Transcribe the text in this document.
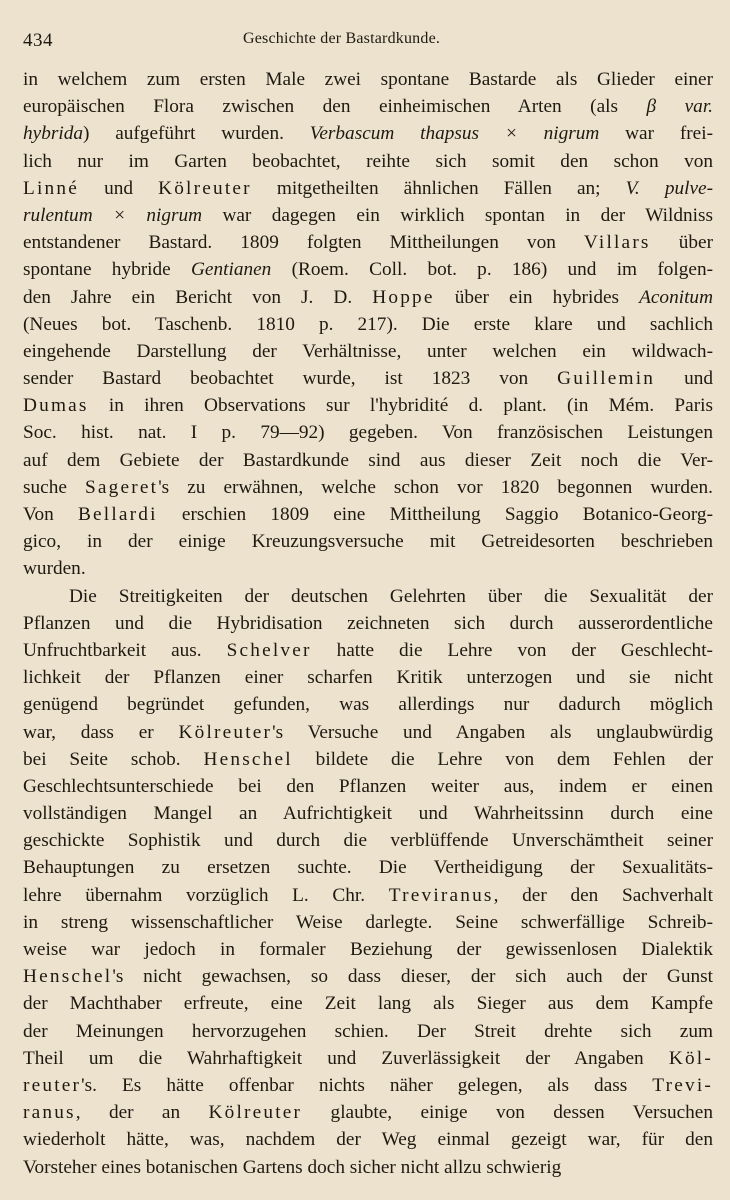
434	Geschichte der Bastardkunde.
in welchem zum ersten Male zwei spontane Bastarde als Glieder einer
europäischen Flora zwischen den einheimischen Arten (als β var.
hybrida) aufgeführt wurden. Verbascum thapsus × nigrum war frei-
lich nur im Garten beobachtet, reihte sich somit den schon von
Linné und Kölreuter mitgetheilten ähnlichen Fällen an; V. pulve-
rulentum × nigrum war dagegen ein wirklich spontan in der Wildniss
entstandener Bastard. 1809 folgten Mittheilungen von Villars über
spontane hybride Gentianen (Roem. Coll. bot. p. 186) und im folgen-
den Jahre ein Bericht von J. D. Hoppe über ein hybrides Aconitum
(Neues bot. Taschenb. 1810 p. 217). Die erste klare und sachlich
eingehende Darstellung der Verhältnisse, unter welchen ein wildwach-
sender Bastard beobachtet wurde, ist 1823 von Guillemin und
Dumas in ihren Observations sur l'hybridité d. plant. (in Mém. Paris
Soc. hist. nat. I p. 79—92) gegeben. Von französischen Leistungen
auf dem Gebiete der Bastardkunde sind aus dieser Zeit noch die Ver-
suche Sageret's zu erwähnen, welche schon vor 1820 begonnen wurden.
Von Bellardi erschien 1809 eine Mittheilung Saggio Botanico-Georg-
gico, in der einige Kreuzungsversuche mit Getreidesorten beschrieben
wurden.
Die Streitigkeiten der deutschen Gelehrten über die Sexualität der
Pflanzen und die Hybridisation zeichneten sich durch ausserordentliche
Unfruchtbarkeit aus. Schelver hatte die Lehre von der Geschlecht-
lichkeit der Pflanzen einer scharfen Kritik unterzogen und sie nicht
genügend begründet gefunden, was allerdings nur dadurch möglich
war, dass er Kölreuter's Versuche und Angaben als unglaubwürdig
bei Seite schob. Henschel bildete die Lehre von dem Fehlen der
Geschlechtsunterschiede bei den Pflanzen weiter aus, indem er einen
vollständigen Mangel an Aufrichtigkeit und Wahrheitssinn durch eine
geschickte Sophistik und durch die verblüffende Unverschämtheit seiner
Behauptungen zu ersetzen suchte. Die Vertheidigung der Sexualitäts-
lehre übernahm vorzüglich L. Chr. Treviranus, der den Sachverhalt
in streng wissenschaftlicher Weise darlegte. Seine schwerfällige Schreib-
weise war jedoch in formaler Beziehung der gewissenlosen Dialektik
Henschel's nicht gewachsen, so dass dieser, der sich auch der Gunst
der Machthaber erfreute, eine Zeit lang als Sieger aus dem Kampfe
der Meinungen hervorzugehen schien. Der Streit drehte sich zum
Theil um die Wahrhaftigkeit und Zuverlässigkeit der Angaben Köl-
reuter's. Es hätte offenbar nichts näher gelegen, als dass Trevi-
ranus, der an Kölreuter glaubte, einige von dessen Versuchen
wiederholt hätte, was, nachdem der Weg einmal gezeigt war, für den
Vorsteher eines botanischen Gartens doch sicher nicht allzu schwierig
